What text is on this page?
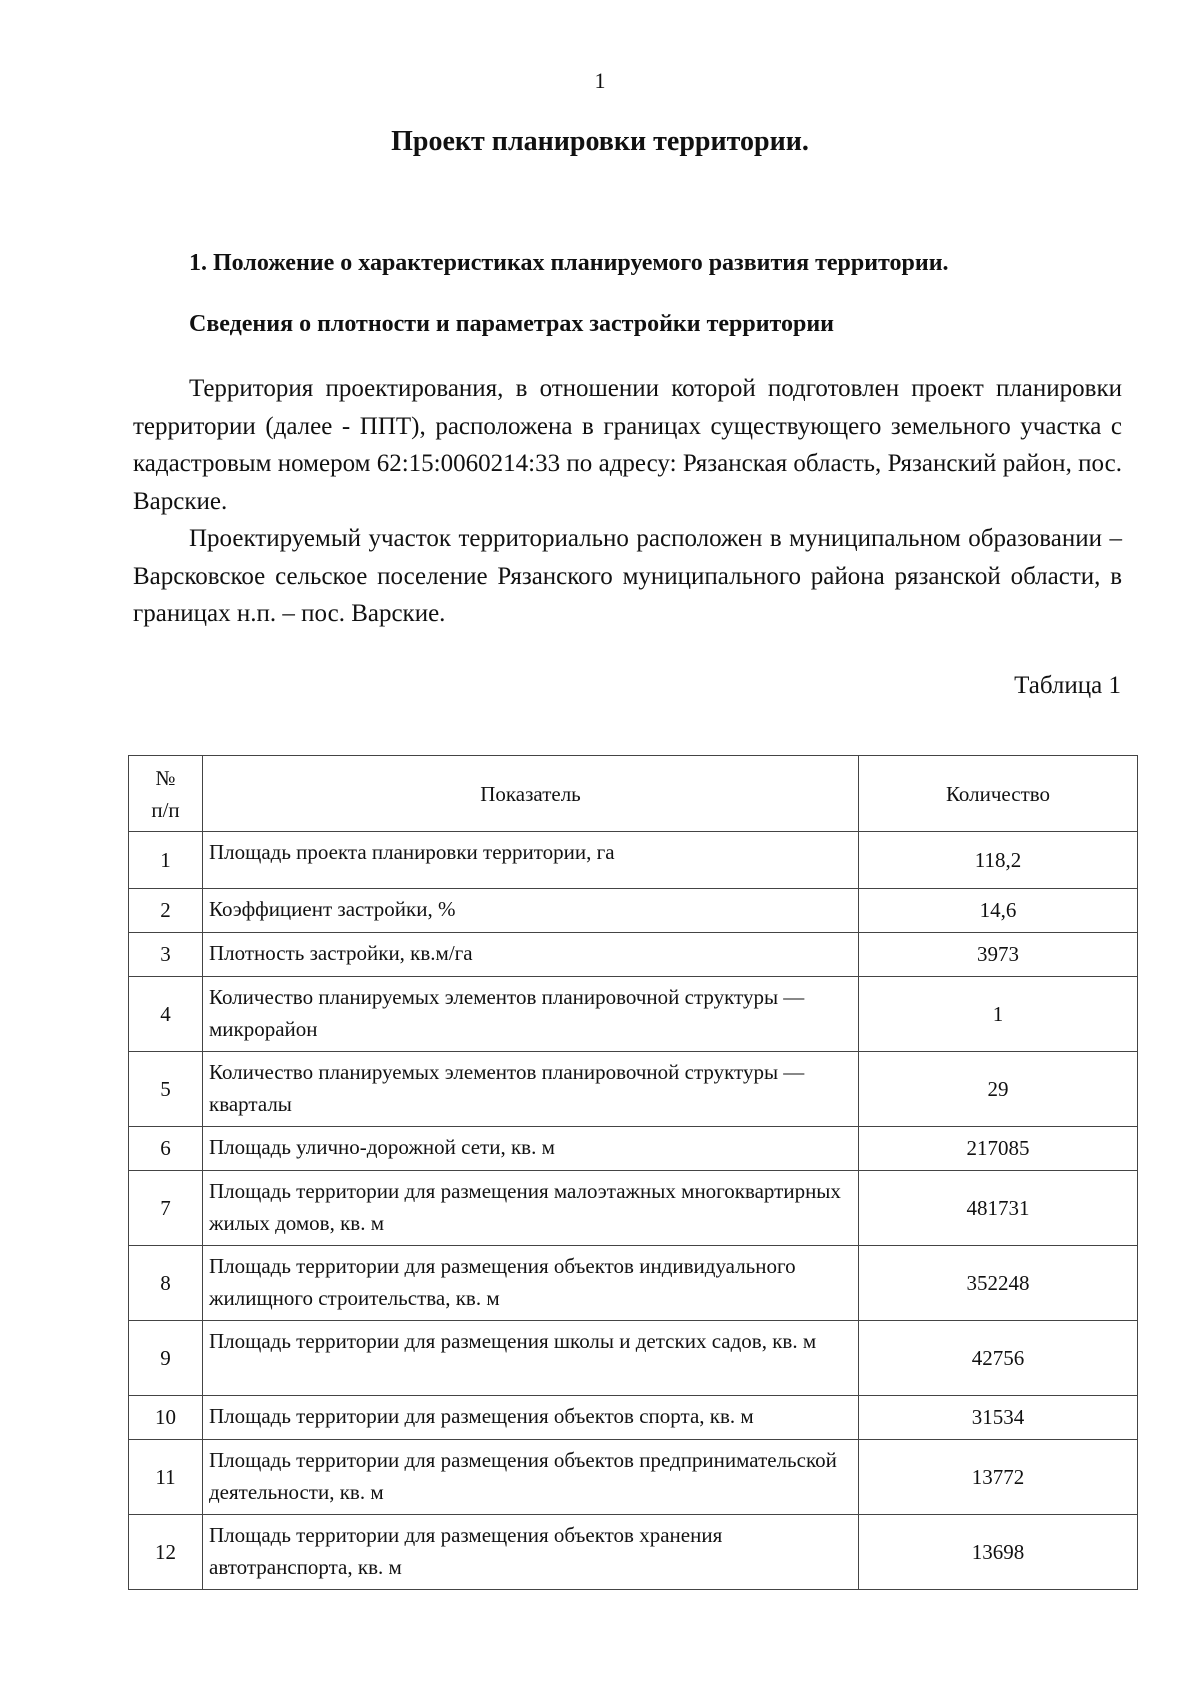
1
Проект планировки территории.
1. Положение о характеристиках планируемого развития территории.
Сведения о плотности и параметрах застройки территории

Территория проектирования, в отношении которой подготовлен проект планировки территории (далее - ППТ), расположена в границах существующего земельного участка с кадастровым номером 62:15:0060214:33 по адресу: Рязанская область, Рязанский район, пос. Варские.

Проектируемый участок территориально расположен в муниципальном образовании – Варсковское сельское поселение Рязанского муниципального района рязанской области, в границах н.п. – пос. Варские.

Таблица 1
№
п/п	Показатель	Количество
1	Площадь проекта планировки территории, га	118,2
2	Коэффициент застройки, %	14,6
3	Плотность застройки, кв.м/га	3973
4	Количество планируемых элементов планировочной структуры — микрорайон	1
5	Количество планируемых элементов планировочной структуры — кварталы	29
6	Площадь улично-дорожной сети, кв. м	217085
7	Площадь территории для размещения малоэтажных многоквартирных жилых домов, кв. м	481731
8	Площадь территории для размещения объектов индивидуального жилищного строительства, кв. м	352248
9	Площадь территории для размещения школы и детских садов, кв. м	42756
10	Площадь территории для размещения объектов спорта, кв. м	31534
11	Площадь территории для размещения объектов предпринимательской деятельности, кв. м	13772
12	Площадь территории для размещения объектов хранения автотранспорта, кв. м	13698
